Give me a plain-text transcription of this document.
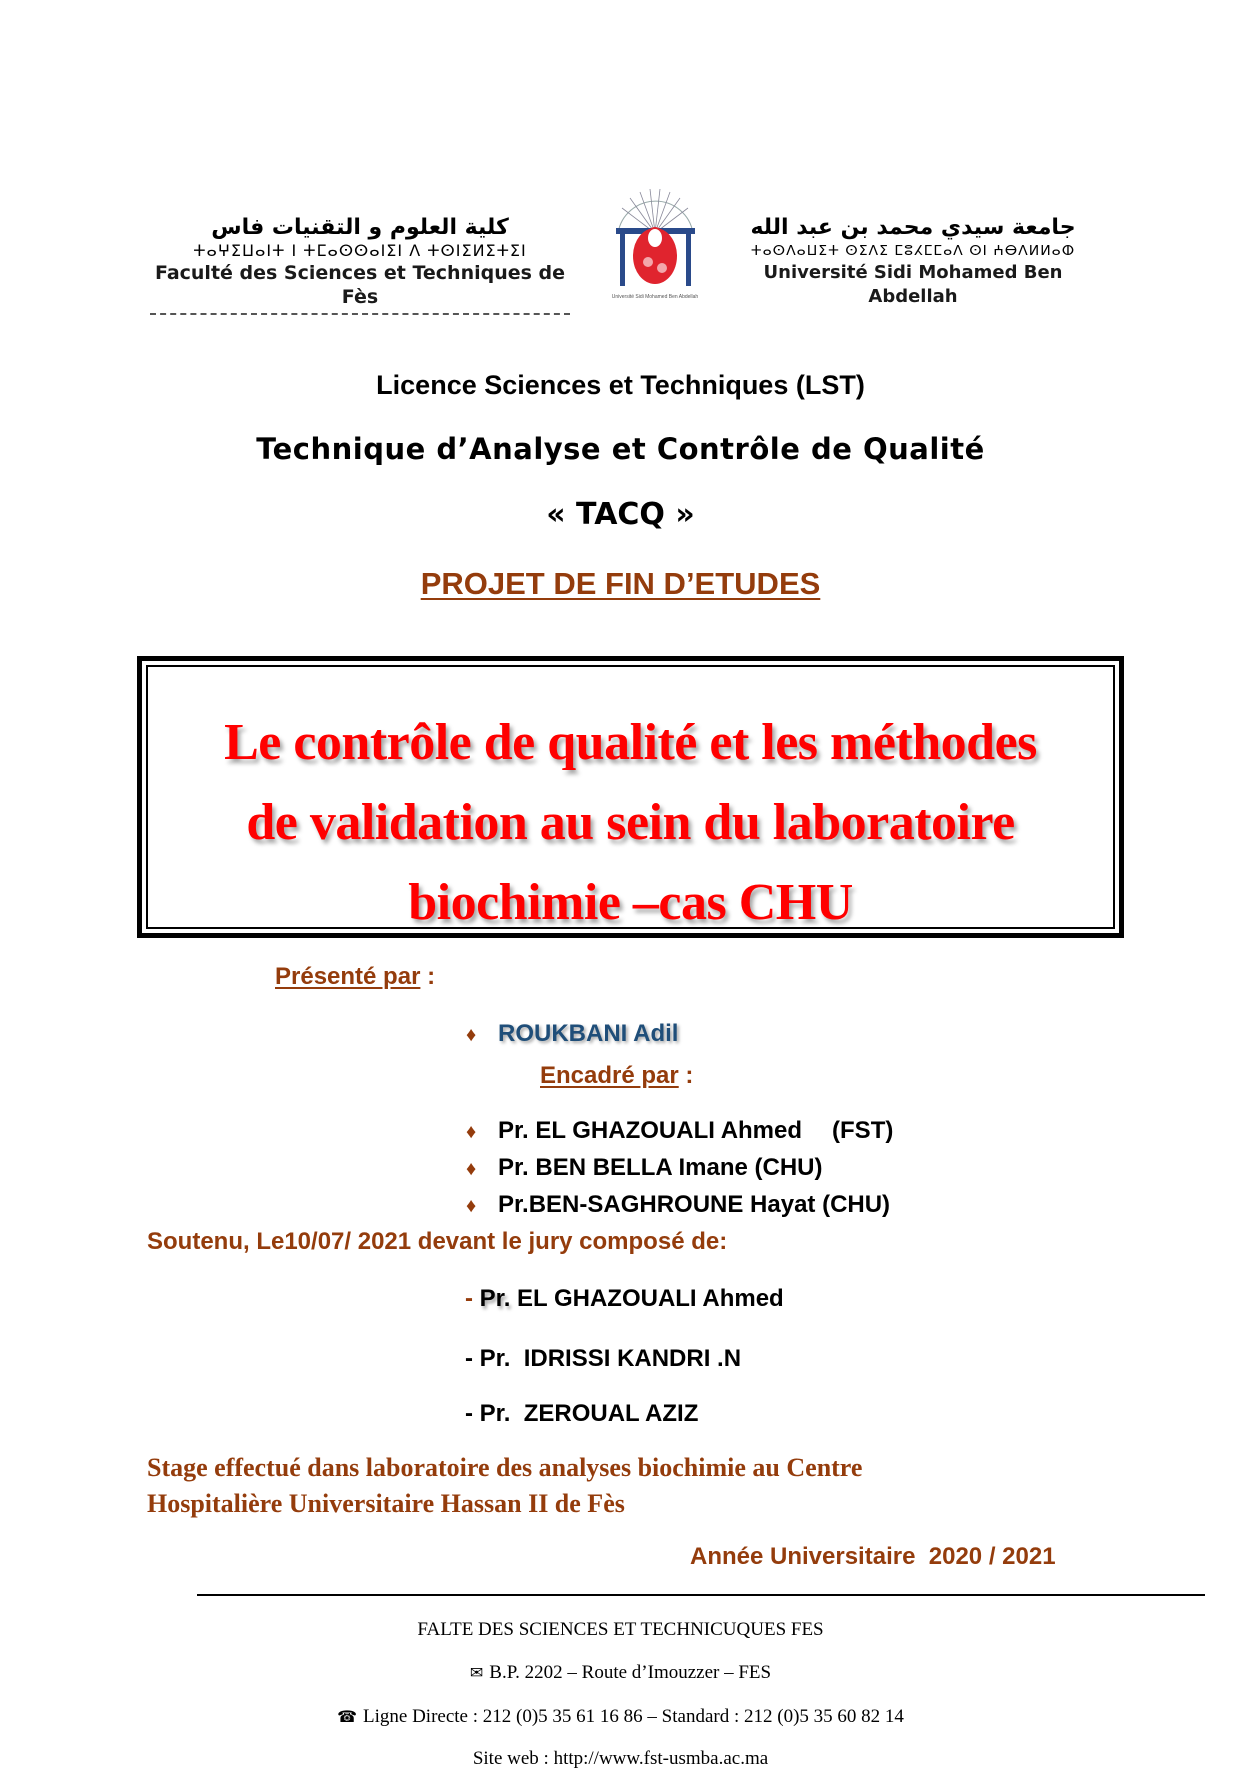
كلية العلوم و التقنيات فاس
ⵜⴰⵖⵉⵡⴰⵏⵜ ⵏ ⵜⵎⴰⵙⵙⴰⵏⵉⵏ ⴷ ⵜⵙⵏⵉⵍⵉⵜⵉⵏ
Faculté des Sciences et Techniques de Fès	Université Sidi Mohamed Ben Abdellah
جامعة سيدي محمد بن عبد الله
ⵜⴰⵙⴷⴰⵡⵉⵜ ⵙⵉⴷⵉ ⵎⵓⵃⵎⵎⴰⴷ ⵙⵏ ⵄⴱⴷⵍⵍⴰⵀ
Université Sidi Mohamed Ben Abdellah
Licence Sciences et Techniques (LST)
Technique d’Analyse et Contrôle de Qualité
« TACQ »
PROJET DE FIN D’ETUDES
Le contrôle de qualité et les méthodes
de validation au sein du laboratoire
biochimie –cas CHU
Présenté par :
♦ ROUKBANI Adil
Encadré par :
♦ Pr. EL GHAZOUALI Ahmed (FST)
♦ Pr. BEN BELLA Imane (CHU)
♦ Pr.BEN-SAGHROUNE Hayat (CHU)
Soutenu, Le10/07/ 2021 devant le jury composé de:
- Pr. EL GHAZOUALI Ahmed
- Pr.  IDRISSI KANDRI .N
- Pr.  ZEROUAL AZIZ
Stage effectué dans laboratoire des analyses biochimie au Centre
Hospitalière Universitaire Hassan II de Fès
Année Universitaire  2020 / 2021
FALTE DES SCIENCES ET TECHNICUQUES FES
✉ B.P. 2202 – Route d’Imouzzer – FES
☎ Ligne Directe : 212 (0)5 35 61 16 86 – Standard : 212 (0)5 35 60 82 14
Site web : http://www.fst-usmba.ac.ma
